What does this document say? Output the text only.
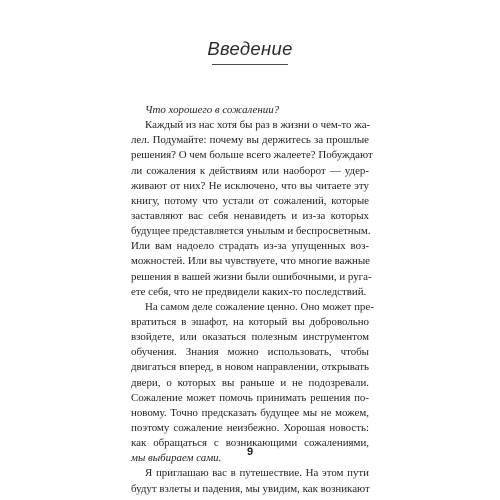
Введение
Что хорошего в сожалении?
Каждый из нас хотя бы раз в жизни о чем-то жа-
лел. Подумайте: почему вы держитесь за прошлые
решения? О чем больше всего жалеете? Побуждают
ли сожаления к действиям или наоборот — удер-
живают от них? Не исключено, что вы читаете эту
книгу, потому что устали от сожалений, которые
заставляют вас себя ненавидеть и из-за которых
будущее представляется унылым и беспросветным.
Или вам надоело страдать из-за упущенных воз-
можностей. Или вы чувствуете, что многие важные
решения в вашей жизни были ошибочными, и руга-
ете себя, что не предвидели каких-то последствий.
На самом деле сожаление ценно. Оно может пре-
вратиться в эшафот, на который вы добровольно
взойдете, или оказаться полезным инструментом
обучения. Знания можно использовать, чтобы
двигаться вперед, в новом направлении, открывать
двери, о которых вы раньше и не подозревали.
Сожаление может помочь принимать решения по-
новому. Точно предсказать будущее мы не можем,
поэтому сожаление неизбежно. Хорошая новость:
как обращаться с возникающими сожалениями,
мы выбираем сами.
Я приглашаю вас в путешествие. На этом пути
будут взлеты и падения, мы увидим, как возникают
9
